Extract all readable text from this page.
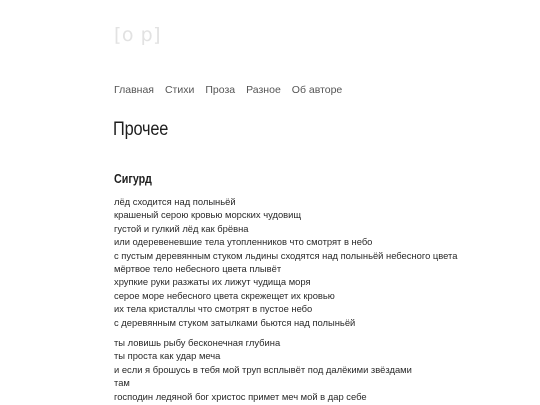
[o p]
Главная Стихи Проза Разное Об авторе
Прочее
Сигурд
лёд сходится над полыньёй
крашеный серою кровью морских чудовищ
густой и гулкий лёд как брёвна
или одеревеневшие тела утопленников что смотрят в небо
с пустым деревянным стуком льдины сходятся над полыньёй небесного цвета
мёртвое тело небесного цвета плывёт
хрупкие руки разжаты их лижут чудища моря
серое море небесного цвета скрежещет их кровью
их тела кристаллы что смотрят в пустое небо
с деревянным стуком затылками бьются над полыньёй
ты ловишь рыбу бесконечная глубина
ты проста как удар меча
и если я брошусь в тебя мой труп всплывёт под далёкими звёздами
там
господин ледяной бог христос примет меч мой в дар себе
